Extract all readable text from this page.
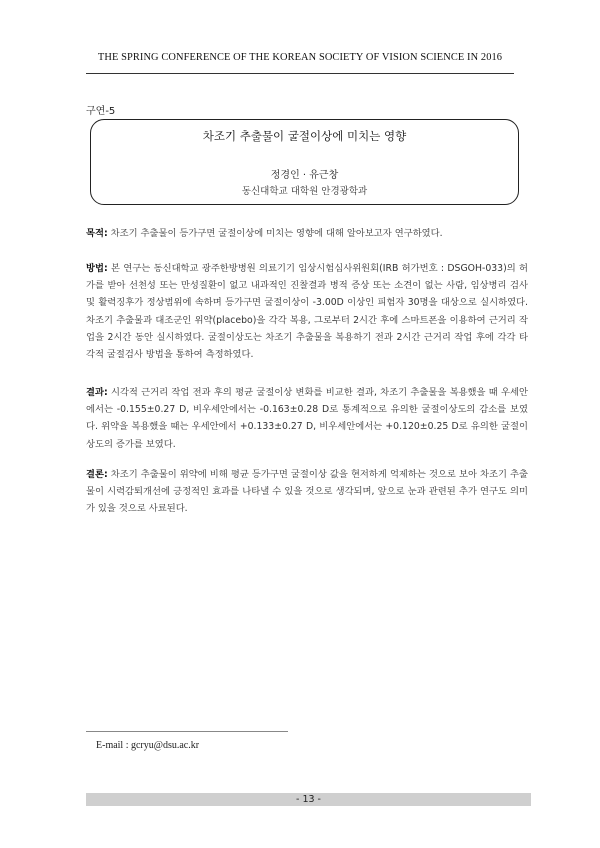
THE SPRING CONFERENCE OF THE KOREAN SOCIETY OF VISION SCIENCE IN 2016
구연-5
차조기 추출물이 굴절이상에 미치는 영향
정경인 · 유근창
동신대학교 대학원 안경광학과
목적: 차조기 추출물이 등가구면 굴절이상에 미치는 영향에 대해 알아보고자 연구하였다.
방법: 본 연구는 동신대학교 광주한방병원 의료기기 임상시험심사위원회(IRB 허가번호 : DSGOH-033)의 허가를 받아 선천성 또는 만성질환이 없고 내과적인 진찰결과 병적 증상 또는 소견이 없는 사람, 임상병리 검사 및 활력징후가 정상범위에 속하며 등가구면 굴절이상이 -3.00D 이상인 피험자 30명을 대상으로 실시하였다. 차조기 추출물과 대조군인 위약(placebo)을 각각 복용, 그로부터 2시간 후에 스마트폰을 이용하여 근거리 작업을 2시간 동안 실시하였다. 굴절이상도는 차조기 추출물을 복용하기 전과 2시간 근거리 작업 후에 각각 타각적 굴절검사 방법을 통하여 측정하였다.
결과: 시각적 근거리 작업 전과 후의 평균 굴절이상 변화를 비교한 결과, 차조기 추출물을 복용했을 때 우세안에서는 -0.155±0.27 D, 비우세안에서는 -0.163±0.28 D로 통계적으로 유의한 굴절이상도의 감소를 보였다. 위약을 복용했을 때는 우세안에서 +0.133±0.27 D, 비우세안에서는 +0.120±0.25 D로 유의한 굴절이상도의 증가를 보였다.
결론: 차조기 추출물이 위약에 비해 평균 등가구면 굴절이상 값을 현저하게 억제하는 것으로 보아 차조기 추출물이 시력감퇴개선에 긍정적인 효과를 나타낼 수 있을 것으로 생각되며, 앞으로 눈과 관련된 추가 연구도 의미가 있을 것으로 사료된다.
E-mail : gcryu@dsu.ac.kr
- 13 -
